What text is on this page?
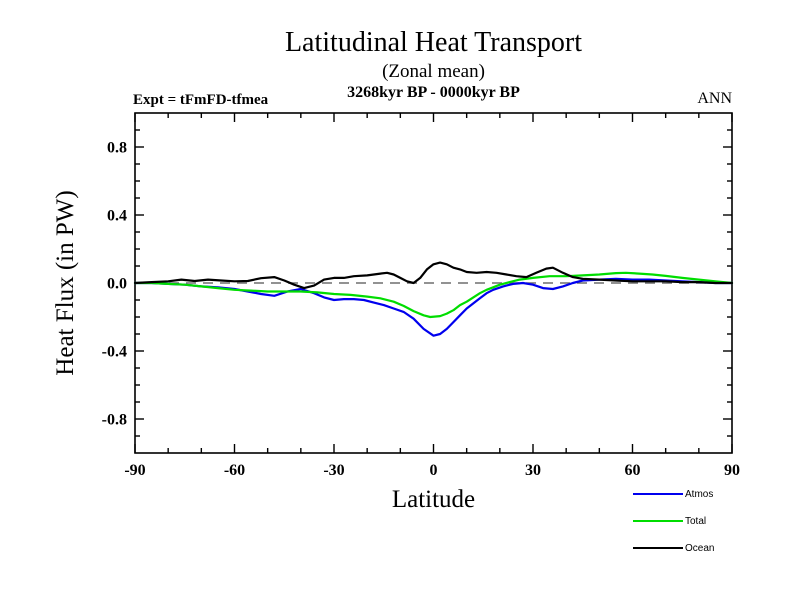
Latitudinal Heat Transport
(Zonal mean)
3268kyr BP - 0000kyr BP
Expt = tFmFD-tfmea	ANN
-90	-60	-30	0	30	60	90
0.8
0.4
0.0
-0.4
-0.8
Latitude
Heat Flux (in PW)
Atmos
Total
Ocean
